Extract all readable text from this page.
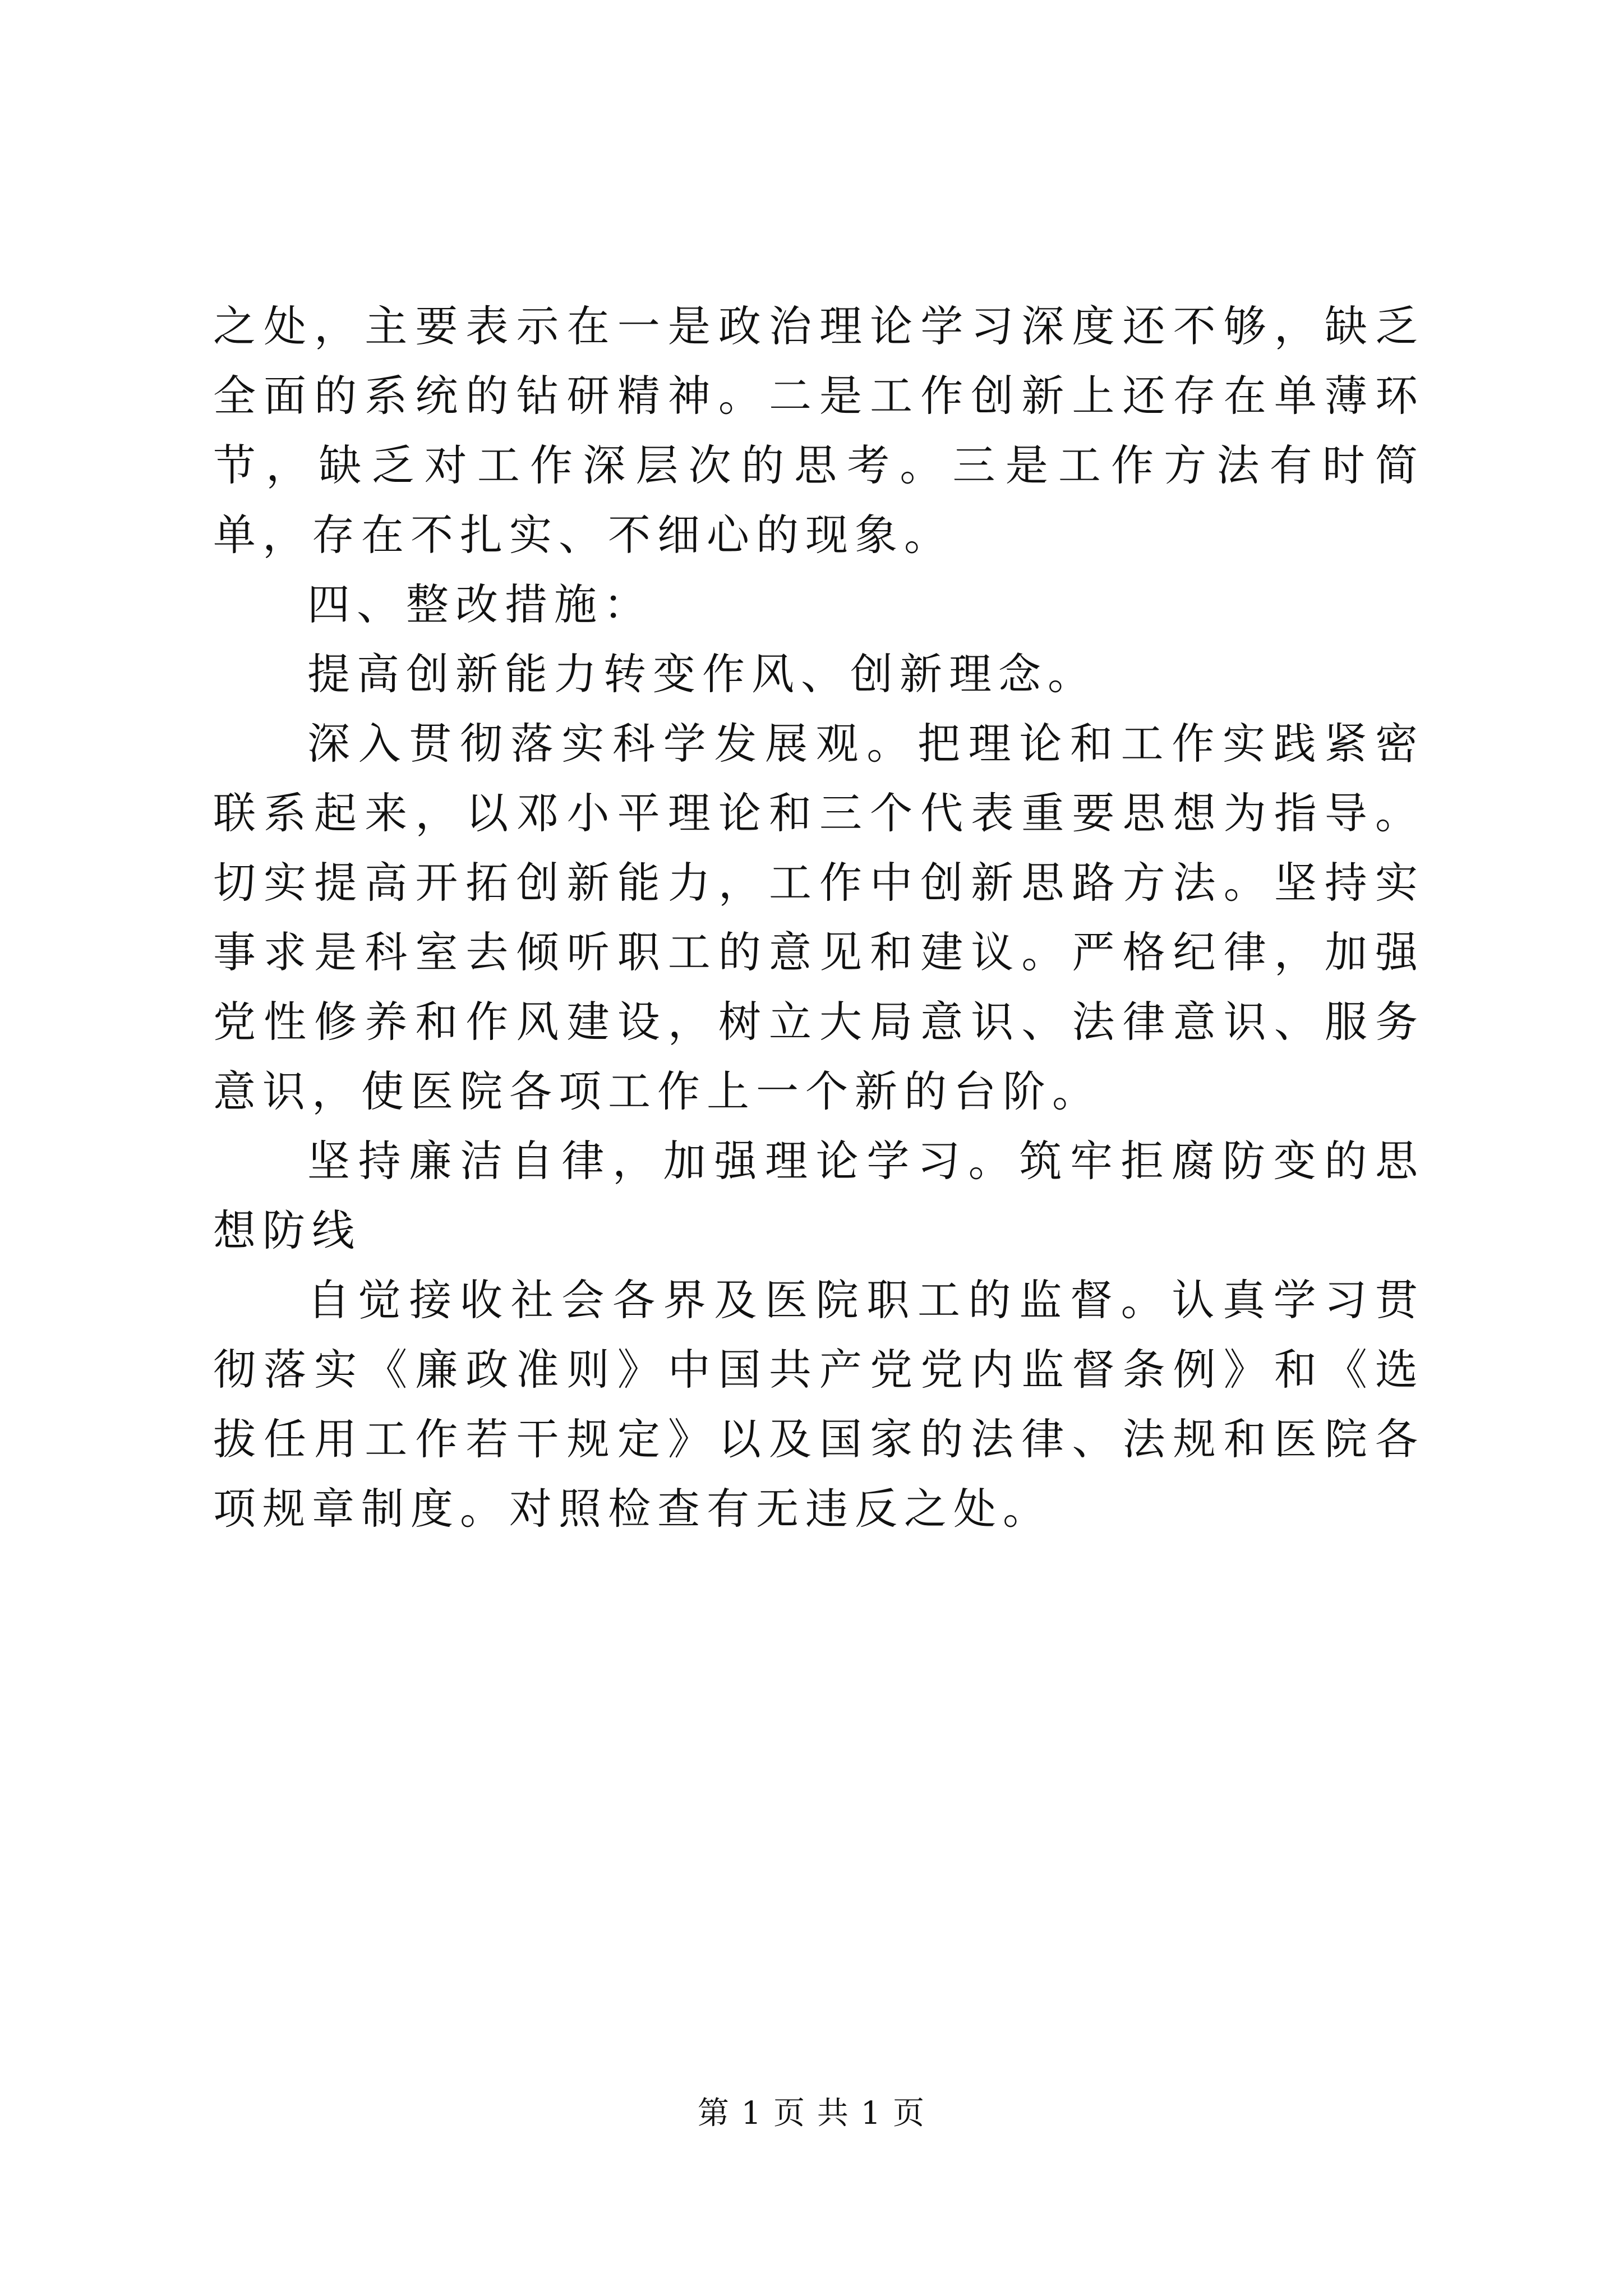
之处，主要表示在一是政治理论学习深度还不够，缺乏全面的系统的钻研精神。二是工作创新上还存在单薄环节，缺乏对工作深层次的思考。三是工作方法有时简单，存在不扎实、不细心的现象。

四、整改措施：

提高创新能力转变作风、创新理念。

深入贯彻落实科学发展观。把理论和工作实践紧密联系起来，以邓小平理论和三个代表重要思想为指导。切实提高开拓创新能力，工作中创新思路方法。坚持实事求是科室去倾听职工的意见和建议。严格纪律，加强党性修养和作风建设，树立大局意识、法律意识、服务意识，使医院各项工作上一个新的台阶。

坚持廉洁自律，加强理论学习。筑牢拒腐防变的思想防线

自觉接收社会各界及医院职工的监督。认真学习贯彻落实《廉政准则》中国共产党党内监督条例》和《选拔任用工作若干规定》以及国家的法律、法规和医院各项规章制度。对照检查有无违反之处。

第 1 页 共 1 页
